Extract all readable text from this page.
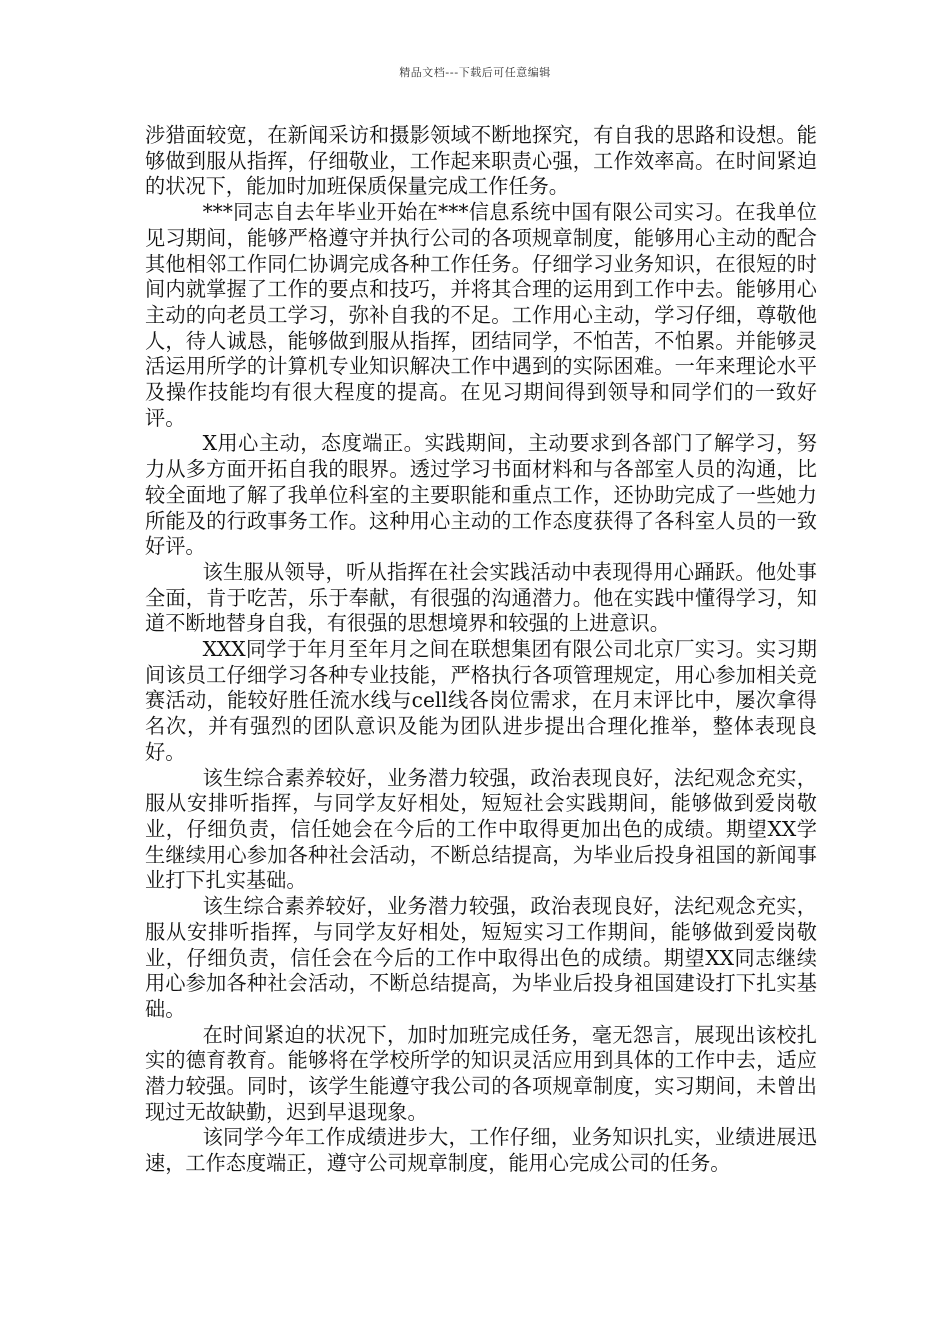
精品文档---下载后可任意编辑

涉猎面较宽，在新闻采访和摄影领域不断地探究，有自我的思路和设想。能够做到服从指挥，仔细敬业，工作起来职责心强，工作效率高。在时间紧迫的状况下，能加时加班保质保量完成工作任务。

***同志自去年毕业开始在***信息系统中国有限公司实习。在我单位见习期间，能够严格遵守并执行公司的各项规章制度，能够用心主动的配合其他相邻工作同仁协调完成各种工作任务。仔细学习业务知识，在很短的时间内就掌握了工作的要点和技巧，并将其合理的运用到工作中去。能够用心主动的向老员工学习，弥补自我的不足。工作用心主动，学习仔细，尊敬他人，待人诚恳，能够做到服从指挥，团结同学，不怕苦，不怕累。并能够灵活运用所学的计算机专业知识解决工作中遇到的实际困难。一年来理论水平及操作技能均有很大程度的提高。在见习期间得到领导和同学们的一致好评。

X用心主动，态度端正。实践期间，主动要求到各部门了解学习，努力从多方面开拓自我的眼界。透过学习书面材料和与各部室人员的沟通，比较全面地了解了我单位科室的主要职能和重点工作，还协助完成了一些她力所能及的行政事务工作。这种用心主动的工作态度获得了各科室人员的一致好评。

该生服从领导，听从指挥在社会实践活动中表现得用心踊跃。他处事全面，肯于吃苦，乐于奉献，有很强的沟通潜力。他在实践中懂得学习，知道不断地替身自我，有很强的思想境界和较强的上进意识。

XXX同学于年月至年月之间在联想集团有限公司北京厂实习。实习期间该员工仔细学习各种专业技能，严格执行各项管理规定，用心参加相关竞赛活动，能较好胜任流水线与cell线各岗位需求，在月末评比中，屡次拿得名次，并有强烈的团队意识及能为团队进步提出合理化推举，整体表现良好。

该生综合素养较好，业务潜力较强，政治表现良好，法纪观念充实，服从安排听指挥，与同学友好相处，短短社会实践期间，能够做到爱岗敬业，仔细负责，信任她会在今后的工作中取得更加出色的成绩。期望XX学生继续用心参加各种社会活动，不断总结提高，为毕业后投身祖国的新闻事业打下扎实基础。

该生综合素养较好，业务潜力较强，政治表现良好，法纪观念充实，服从安排听指挥，与同学友好相处，短短实习工作期间，能够做到爱岗敬业，仔细负责，信任会在今后的工作中取得出色的成绩。期望XX同志继续用心参加各种社会活动，不断总结提高，为毕业后投身祖国建设打下扎实基础。

在时间紧迫的状况下，加时加班完成任务，毫无怨言，展现出该校扎实的德育教育。能够将在学校所学的知识灵活应用到具体的工作中去，适应潜力较强。同时，该学生能遵守我公司的各项规章制度，实习期间，未曾出现过无故缺勤，迟到早退现象。

该同学今年工作成绩进步大，工作仔细，业务知识扎实，业绩进展迅速，工作态度端正，遵守公司规章制度，能用心完成公司的任务。
